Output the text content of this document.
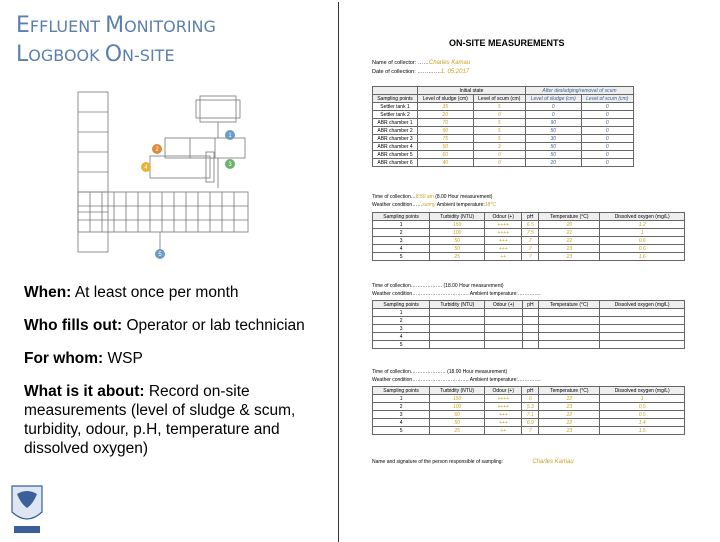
EFFLUENT MONITORING
LOGBOOK ON-SITE
1
2
3
4
5

When: At least once per month

Who fills out: Operator or lab technician

For whom: WSP

What is it about: Record on-site measurements (level of sludge & scum, turbidity, odour, p.H, temperature and dissolved oxygen)

ON-SITE MEASUREMENTS
Name of collector: ……Charles Kamau
Date of collection: ………….1. 05.2017
	Initial state		After desludging/removal of scum	
Sampling points	Level of sludge (cm)	Level of scum (cm)	Level of sludge (cm)	Level of scum (cm)
Settler tank 1	35	5	0	0
Settler tank 2	20	0	0	0
ABR chamber 1	70	5	90	0
ABR chamber 2	90	5	50	0
ABR chamber 3	75	5	30	0
ABR chamber 4	50	3	50	0
ABR chamber 5	60	0	50	0
ABR chamber 6	40	0	20	0
Time of collection…8:50 am (8.00 Hour measurement)
Weather condition……sunny Ambient temperature:18°C
Sampling points	Turbidity (NTU)	Odour (+)	pH	Temperature (°C)	Dissolved oxygen (mg/L)
1	150	++++	6.5	20	1.2
2	100	++++	7.5	21	1
3	50	+++	7	22	0.6
4	50	+++	7	23	0.6
5	25	++	7	23	1.6
Time of collection………………. (18.00 Hour measurement)
Weather condition……………………………. Ambient temperature:…………..
Sampling points	Turbidity (NTU)	Odour (+)	pH	Temperature (°C)	Dissolved oxygen (mg/L)
1					
2					
3					
4					
5					
Time of collection………………… (18.00 Hour measurement)
Weather condition……………………………. Ambient temperature:…………..
Sampling points	Turbidity (NTU)	Odour (+)	pH	Temperature (°C)	Dissolved oxygen (mg/L)
1	150	++++	6	22	1
2	100	++++	5.3	23	0.5
3	60	+++	7.1	22	0.5
4	50	+++	6.9	22	1.4
5	25	++	7	23	1.5
Name and signature of the person responsible of sampling:	Charles Kamau
